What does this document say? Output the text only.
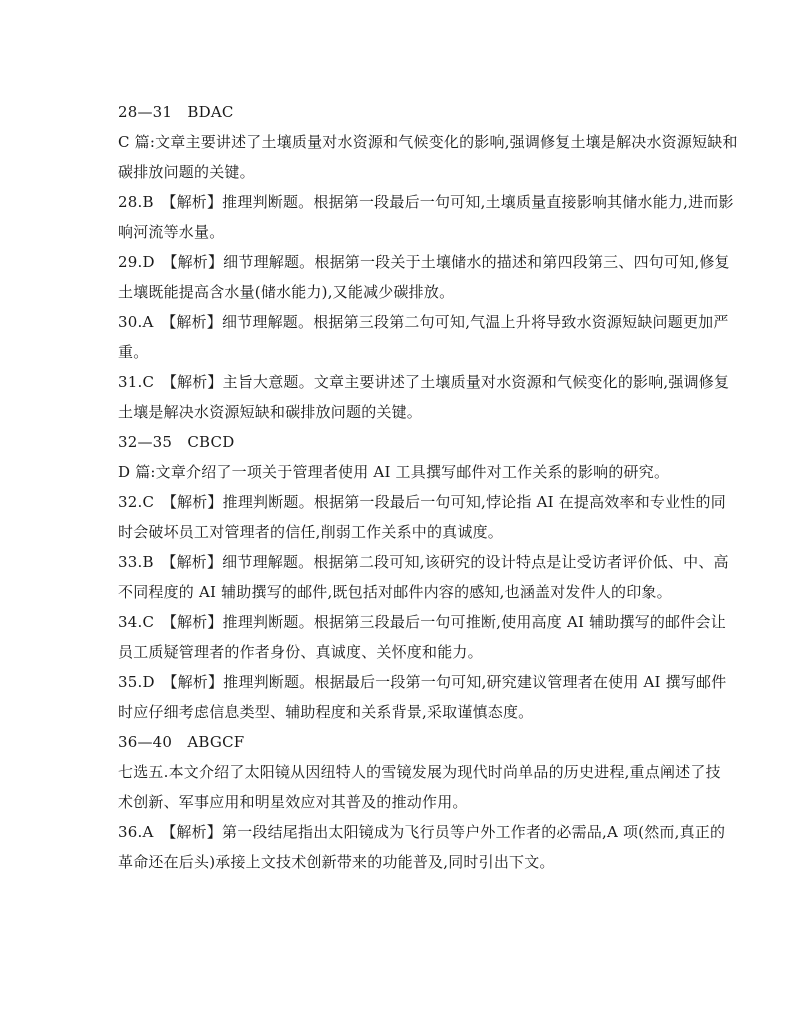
28—31　BDAC

C 篇:文章主要讲述了土壤质量对水资源和气候变化的影响,强调修复土壤是解决水资源短缺和

碳排放问题的关键。

28.B　【解析】推理判断题。根据第一段最后一句可知,土壤质量直接影响其储水能力,进而影

响河流等水量。

29.D　【解析】细节理解题。根据第一段关于土壤储水的描述和第四段第三、四句可知,修复

土壤既能提高含水量(储水能力),又能减少碳排放。

30.A　【解析】细节理解题。根据第三段第二句可知,气温上升将导致水资源短缺问题更加严

重。

31.C　【解析】主旨大意题。文章主要讲述了土壤质量对水资源和气候变化的影响,强调修复

土壤是解决水资源短缺和碳排放问题的关键。

32—35　CBCD

D 篇:文章介绍了一项关于管理者使用 AI 工具撰写邮件对工作关系的影响的研究。

32.C　【解析】推理判断题。根据第一段最后一句可知,悖论指 AI 在提高效率和专业性的同

时会破坏员工对管理者的信任,削弱工作关系中的真诚度。

33.B　【解析】细节理解题。根据第二段可知,该研究的设计特点是让受访者评价低、中、高

不同程度的 AI 辅助撰写的邮件,既包括对邮件内容的感知,也涵盖对发件人的印象。

34.C　【解析】推理判断题。根据第三段最后一句可推断,使用高度 AI 辅助撰写的邮件会让

员工质疑管理者的作者身份、真诚度、关怀度和能力。

35.D　【解析】推理判断题。根据最后一段第一句可知,研究建议管理者在使用 AI 撰写邮件

时应仔细考虑信息类型、辅助程度和关系背景,采取谨慎态度。

36—40　ABGCF

七选五.本文介绍了太阳镜从因纽特人的雪镜发展为现代时尚单品的历史进程,重点阐述了技

术创新、军事应用和明星效应对其普及的推动作用。

36.A　【解析】第一段结尾指出太阳镜成为飞行员等户外工作者的必需品,A 项(然而,真正的

革命还在后头)承接上文技术创新带来的功能普及,同时引出下文。
